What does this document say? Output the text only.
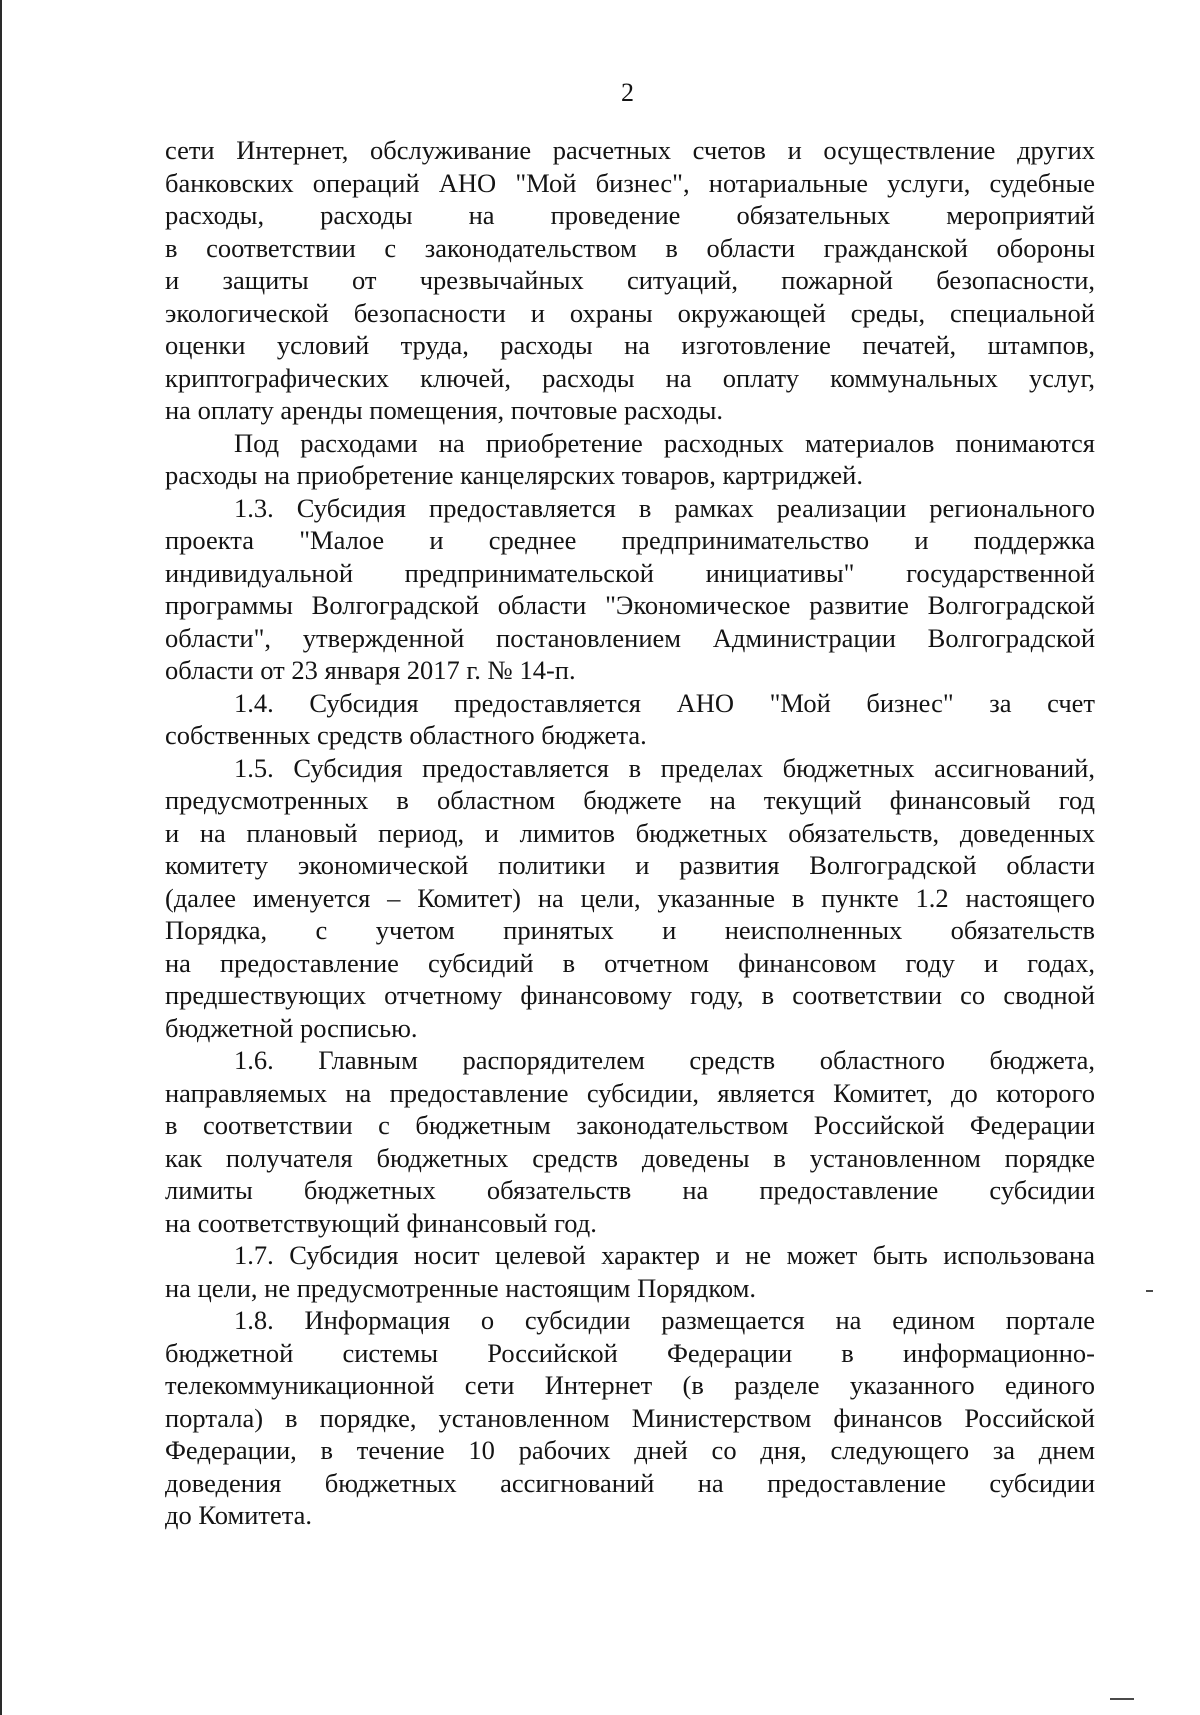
2

сети Интернет, обслуживание расчетных счетов и осуществление других
банковских операций АНО "Мой бизнес", нотариальные услуги, судебные
расходы, расходы на проведение обязательных мероприятий
в соответствии с законодательством в области гражданской обороны
и защиты от чрезвычайных ситуаций, пожарной безопасности,
экологической безопасности и охраны окружающей среды, специальной
оценки условий труда, расходы на изготовление печатей, штампов,
криптографических ключей, расходы на оплату коммунальных услуг,
на оплату аренды помещения, почтовые расходы.

Под расходами на приобретение расходных материалов понимаются
расходы на приобретение канцелярских товаров, картриджей.

1.3. Субсидия предоставляется в рамках реализации регионального
проекта "Малое и среднее предпринимательство и поддержка
индивидуальной предпринимательской инициативы" государственной
программы Волгоградской области "Экономическое развитие Волгоградской
области", утвержденной постановлением Администрации Волгоградской
области от 23 января 2017 г. № 14-п.

1.4. Субсидия предоставляется АНО "Мой бизнес" за счет
собственных средств областного бюджета.

1.5. Субсидия предоставляется в пределах бюджетных ассигнований,
предусмотренных в областном бюджете на текущий финансовый год
и на плановый период, и лимитов бюджетных обязательств, доведенных
комитету экономической политики и развития Волгоградской области
(далее именуется – Комитет) на цели, указанные в пункте 1.2 настоящего
Порядка, с учетом принятых и неисполненных обязательств
на предоставление субсидий в отчетном финансовом году и годах,
предшествующих отчетному финансовому году, в соответствии со сводной
бюджетной росписью.

1.6. Главным распорядителем средств областного бюджета,
направляемых на предоставление субсидии, является Комитет, до которого
в соответствии с бюджетным законодательством Российской Федерации
как получателя бюджетных средств доведены в установленном порядке
лимиты бюджетных обязательств на предоставление субсидии
на соответствующий финансовый год.

1.7. Субсидия носит целевой характер и не может быть использована
на цели, не предусмотренные настоящим Порядком.

1.8. Информация о субсидии размещается на едином портале
бюджетной системы Российской Федерации в информационно-
телекоммуникационной сети Интернет (в разделе указанного единого
портала) в порядке, установленном Министерством финансов Российской
Федерации, в течение 10 рабочих дней со дня, следующего за днем
доведения бюджетных ассигнований на предоставление субсидии
до Комитета.
